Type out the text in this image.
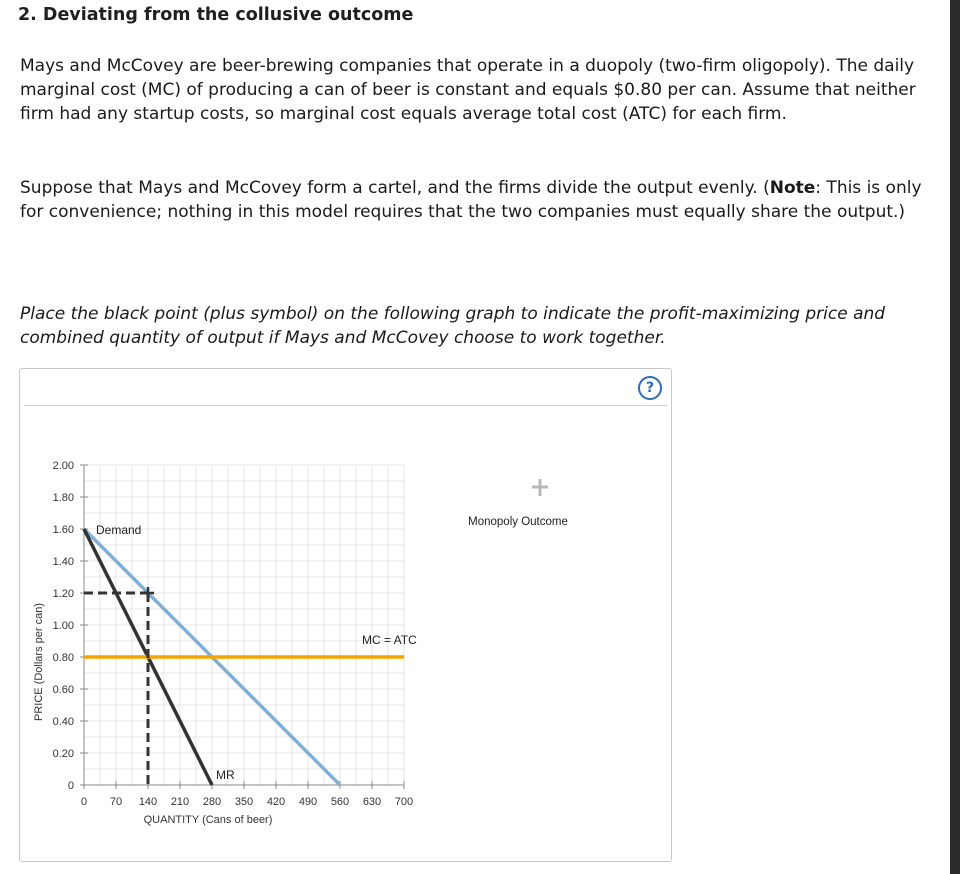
2. Deviating from the collusive outcome
Mays and McCovey are beer-brewing companies that operate in a duopoly (two-firm oligopoly). The daily marginal cost (MC) of producing a can of beer is constant and equals $0.80 per can. Assume that neither firm had any startup costs, so marginal cost equals average total cost (ATC) for each firm.
Suppose that Mays and McCovey form a cartel, and the firms divide the output evenly. (Note: This is only for convenience; nothing in this model requires that the two companies must equally share the output.)
Place the black point (plus symbol) on the following graph to indicate the profit-maximizing price and combined quantity of output if Mays and McCovey choose to work together.
?
0
0.20
0.40
0.60
0.80
1.00
1.20
1.40
1.60
1.80
2.00
0 70 140 210 280 350 420 490 560 630 700
Demand
MR
MC = ATC
PRICE (Dollars per can)
QUANTITY (Cans of beer)
Monopoly Outcome
